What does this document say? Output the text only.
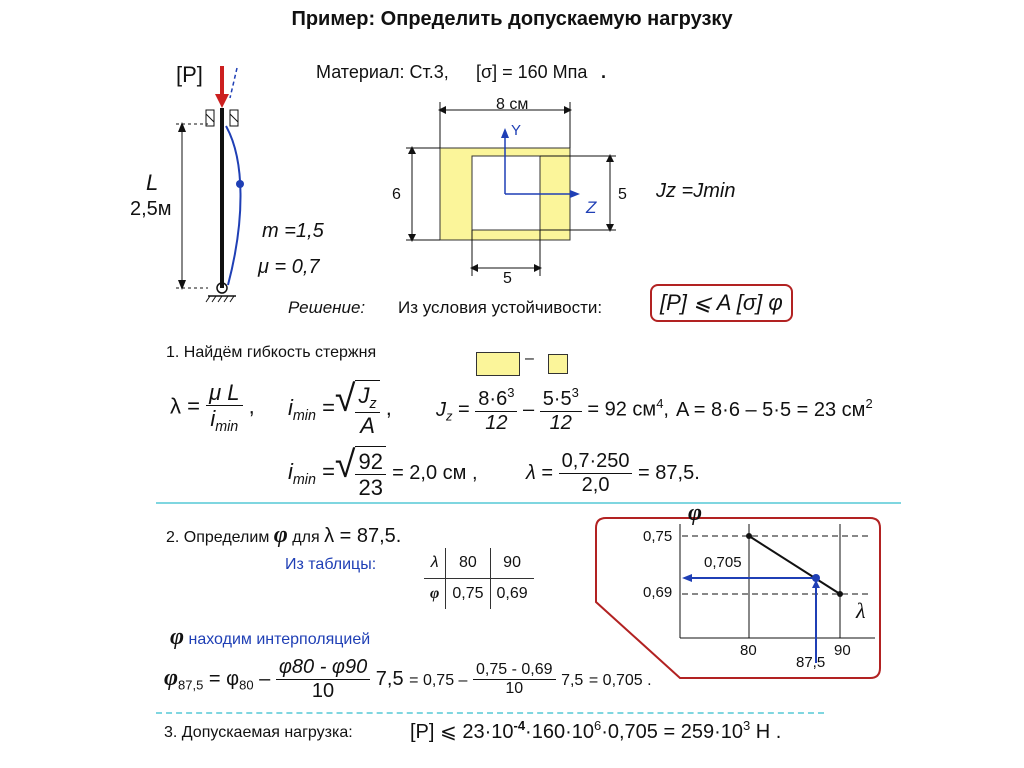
Пример: Определить допускаемую нагрузку
[P]
L
2,5м
m =1,5
μ = 0,7
Материал: Ст.3, [σ] = 160 Мпа .
8 см
6	5
5
Y
Z
Jz =Jmin
Решение: Из условия устойчивости:	[P] ⩽ A [σ] φ
1. Найдём гибкость стержня	–
$\lambda = \frac{\text{μ L}}{i_{min}}$ , $i_{min}$ = √ $\frac{J_z}{A}$ , $J_z = \frac{8\cdot 6^3}{12} - \frac{5\cdot 5^3}{12} = 92$ $см^4$, A = 8·6 – 5·5 = 23 $см^2$
$i_{min}$ = √ $\frac{92}{23} = 2,0$ см , $\lambda = \frac{0,7\cdot 250}{2,0} = 87,5$.
2. Определим φ для λ = 87,5.
Из таблицы:	λ	80	90
φ	0,75	0,69
φ находим интерполяцией
$\varphi_{87,5} = \varphi_{80} - \frac{\varphi 80 - \varphi 90}{10} 7,5 = 0,75 - \frac{0,75 - 0,69}{10} 7,5 = 0,705$ .
φ
λ
0,75
0,705
0,69
80
87,5
90
3. Допускаемая нагрузка:	[P] ⩽ $23\cdot 10^{-4}\cdot 160\cdot 10^6\cdot 0,705 = 259\cdot 10^3$ Н .
